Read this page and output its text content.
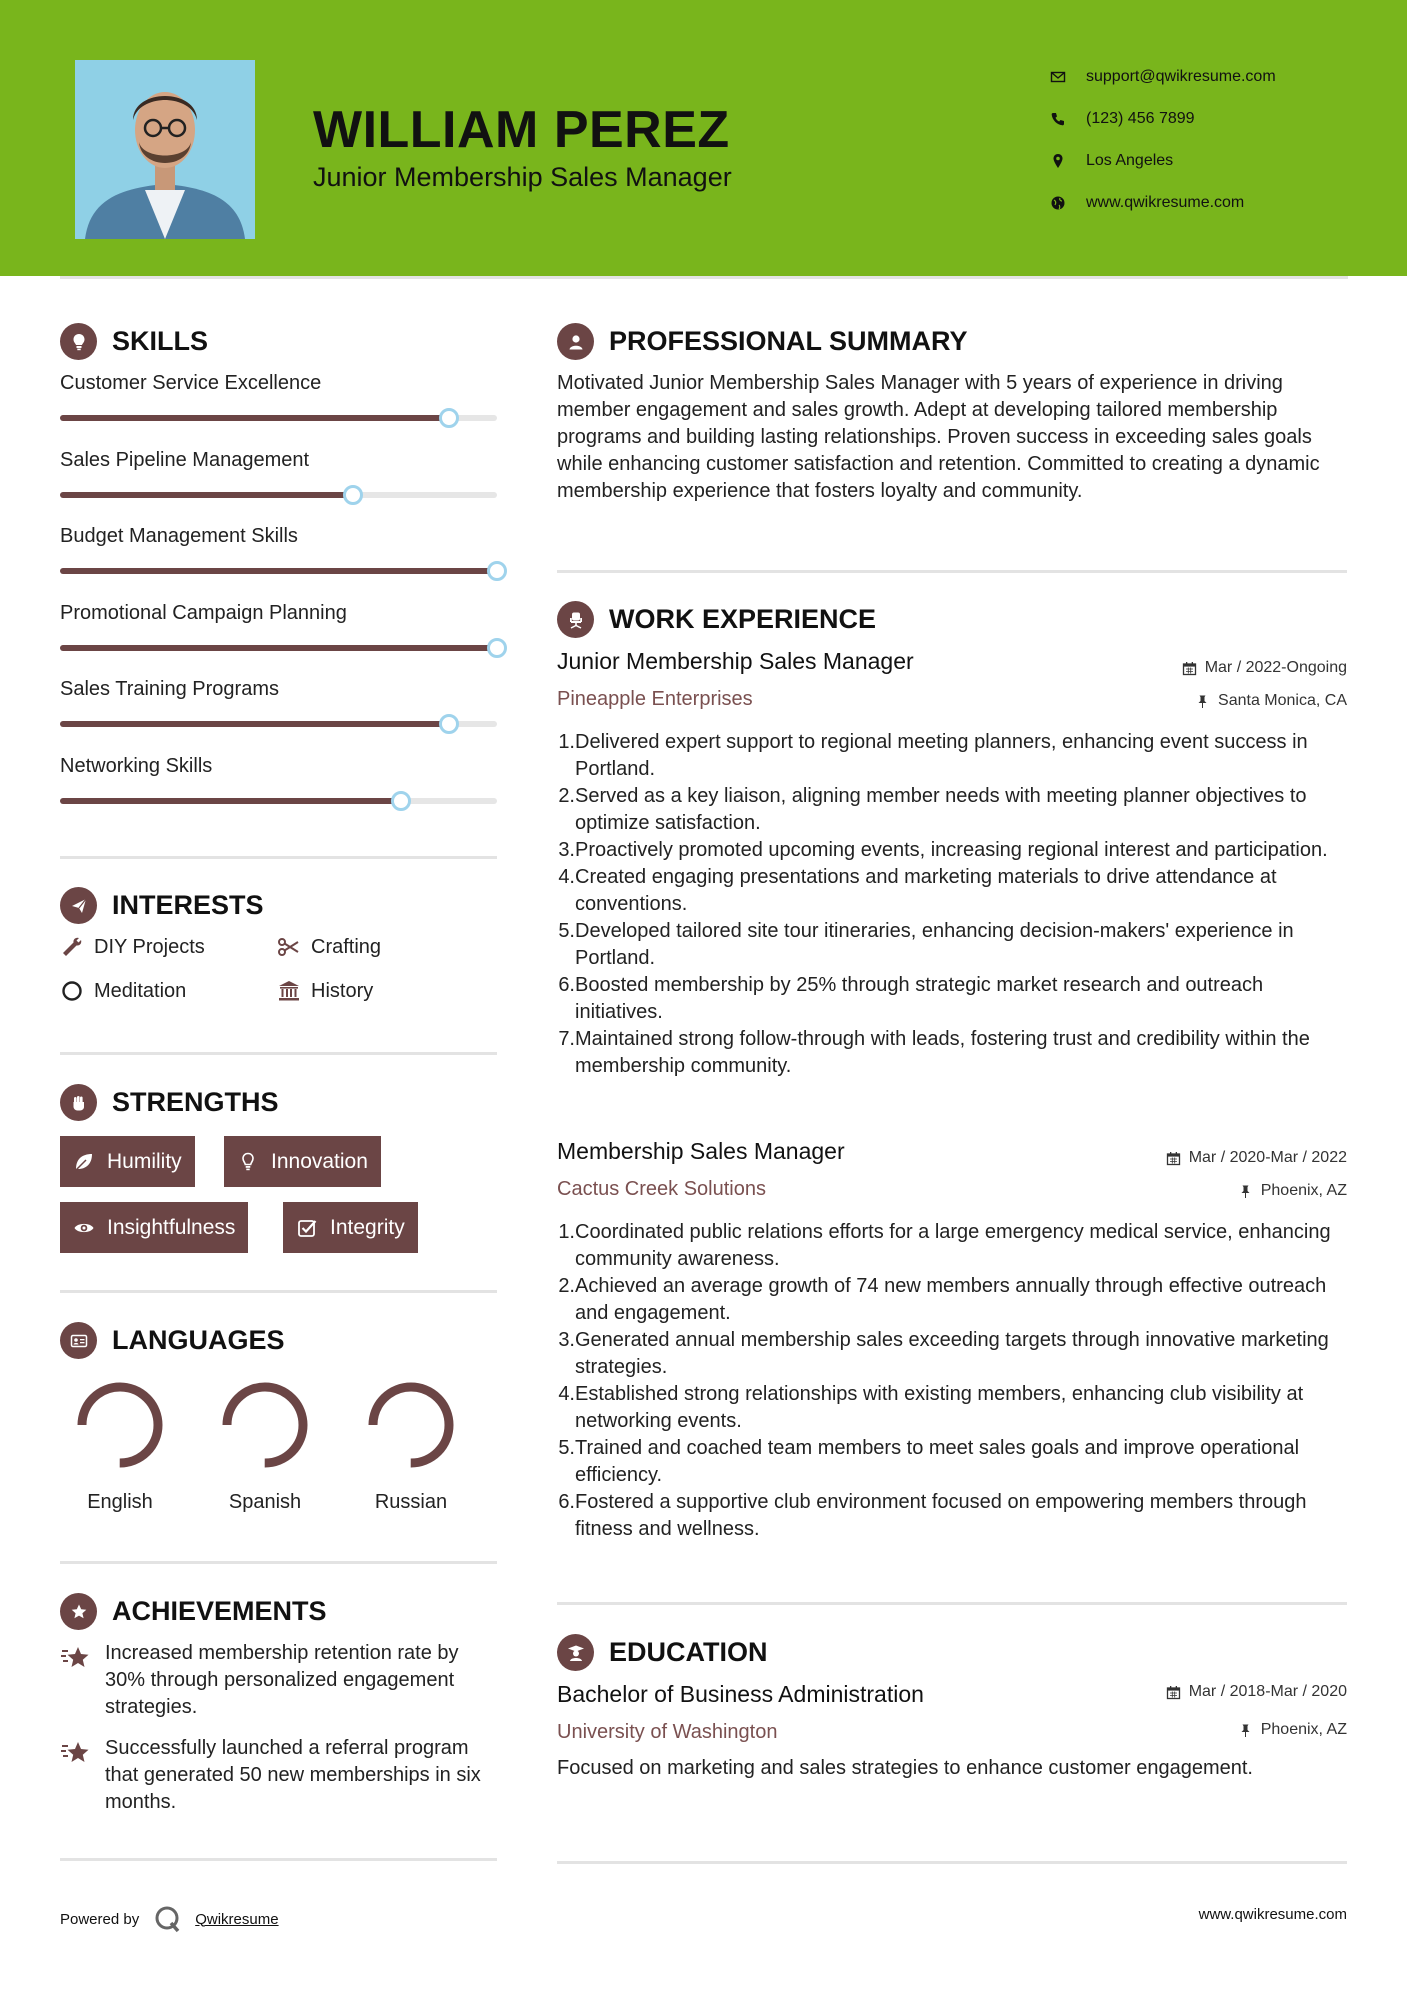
WILLIAM PEREZ
Junior Membership Sales Manager
support@qwikresume.com
(123) 456 7899
Los Angeles
www.qwikresume.com
SKILLS
Customer Service Excellence
Sales Pipeline Management
Budget Management Skills
Promotional Campaign Planning
Sales Training Programs
Networking Skills
INTERESTS
DIY Projects	Crafting
Meditation	History
STRENGTHS
Humility	Innovation
Insightfulness	Integrity
LANGUAGES
English	Spanish	Russian
ACHIEVEMENTS
Increased membership retention rate by 30% through personalized engagement strategies.
Successfully launched a referral program that generated 50 new memberships in six months.
PROFESSIONAL SUMMARY
Motivated Junior Membership Sales Manager with 5 years of experience in driving member engagement and sales growth. Adept at developing tailored membership programs and building lasting relationships. Proven success in exceeding sales goals while enhancing customer satisfaction and retention. Committed to creating a dynamic membership experience that fosters loyalty and community.
WORK EXPERIENCE
Junior Membership Sales Manager	Mar / 2022-Ongoing
Pineapple Enterprises	Santa Monica, CA
1. Delivered expert support to regional meeting planners, enhancing event success in Portland.
2. Served as a key liaison, aligning member needs with meeting planner objectives to optimize satisfaction.
3. Proactively promoted upcoming events, increasing regional interest and participation.
4. Created engaging presentations and marketing materials to drive attendance at conventions.
5. Developed tailored site tour itineraries, enhancing decision-makers' experience in Portland.
6. Boosted membership by 25% through strategic market research and outreach initiatives.
7. Maintained strong follow-through with leads, fostering trust and credibility within the membership community.
Membership Sales Manager	Mar / 2020-Mar / 2022
Cactus Creek Solutions	Phoenix, AZ
1. Coordinated public relations efforts for a large emergency medical service, enhancing community awareness.
2. Achieved an average growth of 74 new members annually through effective outreach and engagement.
3. Generated annual membership sales exceeding targets through innovative marketing strategies.
4. Established strong relationships with existing members, enhancing club visibility at networking events.
5. Trained and coached team members to meet sales goals and improve operational efficiency.
6. Fostered a supportive club environment focused on empowering members through fitness and wellness.
EDUCATION
Bachelor of Business Administration	Mar / 2018-Mar / 2020
University of Washington	Phoenix, AZ
Focused on marketing and sales strategies to enhance customer engagement.
Powered by	Qwikresume	www.qwikresume.com
